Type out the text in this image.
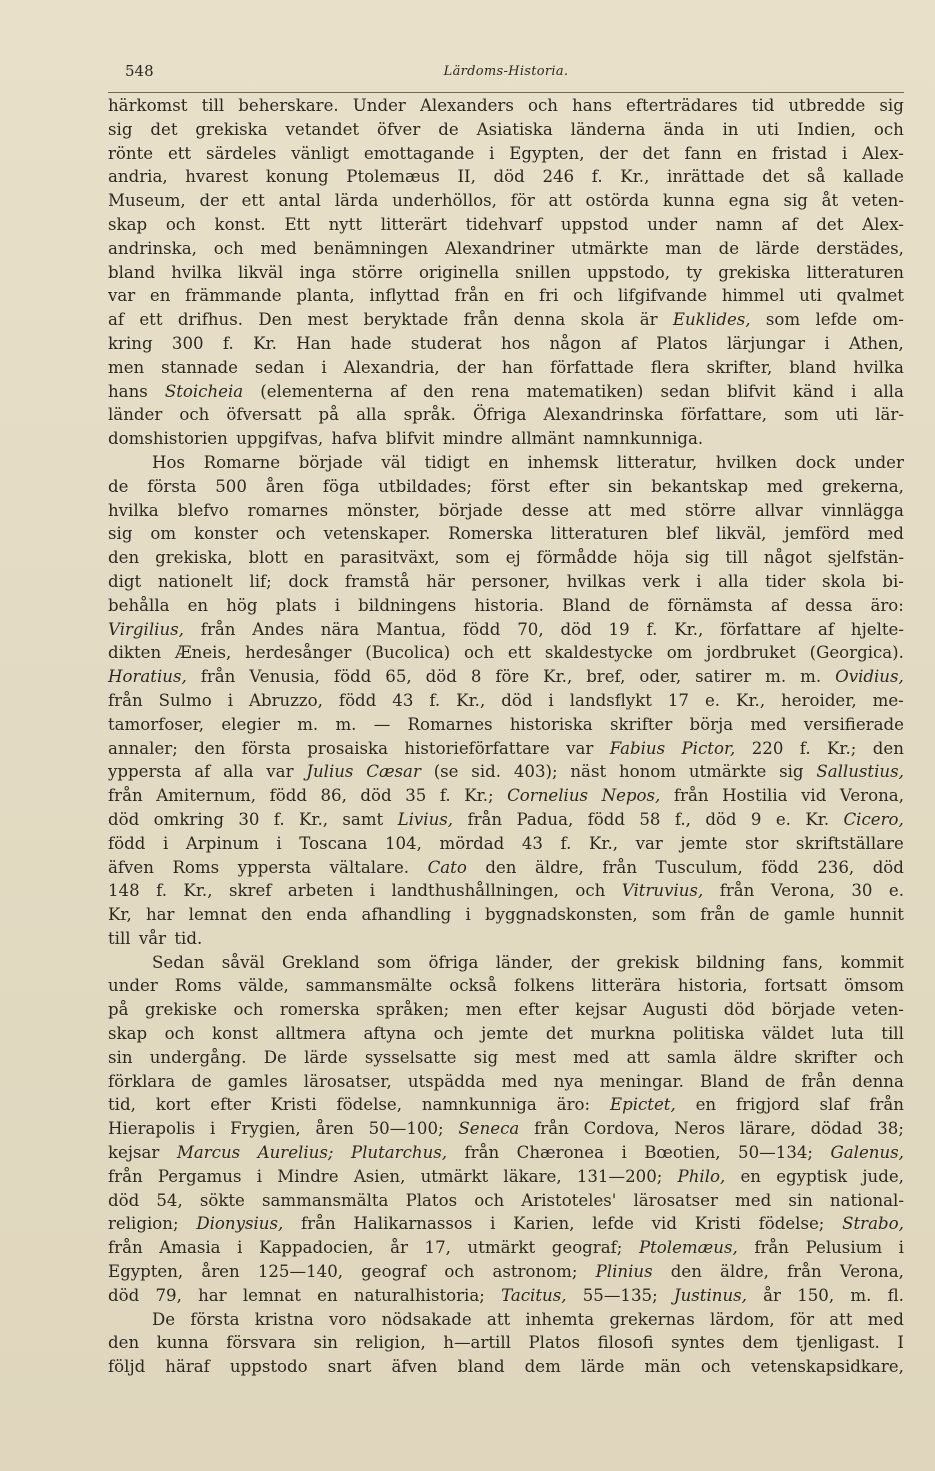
548	Lärdoms-Historia.
härkomst till beherskare. Under Alexanders och hans efterträdares tid utbredde sig
sig det grekiska vetandet öfver de Asiatiska länderna ända in uti Indien, och
rönte ett särdeles vänligt emottagande i Egypten, der det fann en fristad i Alex-
andria, hvarest konung Ptolemæus II, död 246 f. Kr., inrättade det så kallade
Museum, der ett antal lärda underhöllos, för att ostörda kunna egna sig åt veten-
skap och konst. Ett nytt litterärt tidehvarf uppstod under namn af det Alex-
andrinska, och med benämningen Alexandriner utmärkte man de lärde derstädes,
bland hvilka likväl inga större originella snillen uppstodo, ty grekiska litteraturen
var en främmande planta, inflyttad från en fri och lifgifvande himmel uti qvalmet
af ett drifhus. Den mest beryktade från denna skola är Euklides, som lefde om-
kring 300 f. Kr. Han hade studerat hos någon af Platos lärjungar i Athen,
men stannade sedan i Alexandria, der han författade flera skrifter, bland hvilka
hans Stoicheia (elementerna af den rena matematiken) sedan blifvit känd i alla
länder och öfversatt på alla språk. Öfriga Alexandrinska författare, som uti lär-
domshistorien uppgifvas, hafva blifvit mindre allmänt namnkunniga.
Hos Romarne började väl tidigt en inhemsk litteratur, hvilken dock under
de första 500 åren föga utbildades; först efter sin bekantskap med grekerna,
hvilka blefvo romarnes mönster, började desse att med större allvar vinnlägga
sig om konster och vetenskaper. Romerska litteraturen blef likväl, jemförd med
den grekiska, blott en parasitväxt, som ej förmådde höja sig till något sjelfstän-
digt nationelt lif; dock framstå här personer, hvilkas verk i alla tider skola bi-
behålla en hög plats i bildningens historia. Bland de förnämsta af dessa äro:
Virgilius, från Andes nära Mantua, född 70, död 19 f. Kr., författare af hjelte-
dikten Æneis, herdesånger (Bucolica) och ett skaldestycke om jordbruket (Georgica).
Horatius, från Venusia, född 65, död 8 före Kr., bref, oder, satirer m. m. Ovidius,
från Sulmo i Abruzzo, född 43 f. Kr., död i landsflykt 17 e. Kr., heroider, me-
tamorfoser, elegier m. m. — Romarnes historiska skrifter börja med versifierade
annaler; den första prosaiska historieförfattare var Fabius Pictor, 220 f. Kr.; den
yppersta af alla var Julius Cæsar (se sid. 403); näst honom utmärkte sig Sallustius,
från Amiternum, född 86, död 35 f. Kr.; Cornelius Nepos, från Hostilia vid Verona,
död omkring 30 f. Kr., samt Livius, från Padua, född 58 f., död 9 e. Kr. Cicero,
född i Arpinum i Toscana 104, mördad 43 f. Kr., var jemte stor skriftställare
äfven Roms yppersta vältalare. Cato den äldre, från Tusculum, född 236, död
148 f. Kr., skref arbeten i landthushållningen, och Vitruvius, från Verona, 30 e.
Kr, har lemnat den enda afhandling i byggnadskonsten, som från de gamle hunnit
till vår tid.
Sedan såväl Grekland som öfriga länder, der grekisk bildning fans, kommit
under Roms välde, sammansmälte också folkens litterära historia, fortsatt ömsom
på grekiske och romerska språken; men efter kejsar Augusti död började veten-
skap och konst alltmera aftyna och jemte det murkna politiska väldet luta till
sin undergång. De lärde sysselsatte sig mest med att samla äldre skrifter och
förklara de gamles lärosatser, utspädda med nya meningar. Bland de från denna
tid, kort efter Kristi födelse, namnkunniga äro: Epictet, en frigjord slaf från
Hierapolis i Frygien, åren 50—100; Seneca från Cordova, Neros lärare, dödad 38;
kejsar Marcus Aurelius; Plutarchus, från Chæronea i Bœotien, 50—134; Galenus,
från Pergamus i Mindre Asien, utmärkt läkare, 131—200; Philo, en egyptisk jude,
död 54, sökte sammansmälta Platos och Aristoteles' lärosatser med sin national-
religion; Dionysius, från Halikarnassos i Karien, lefde vid Kristi födelse; Strabo,
från Amasia i Kappadocien, år 17, utmärkt geograf; Ptolemæus, från Pelusium i
Egypten, åren 125—140, geograf och astronom; Plinius den äldre, från Verona,
död 79, har lemnat en naturalhistoria; Tacitus, 55—135; Justinus, år 150, m. fl.
De första kristna voro nödsakade att inhemta grekernas lärdom, för att med
den kunna försvara sin religion, h—artill Platos filosofi syntes dem tjenligast. I
följd häraf uppstodo snart äfven bland dem lärde män och vetenskapsidkare,
